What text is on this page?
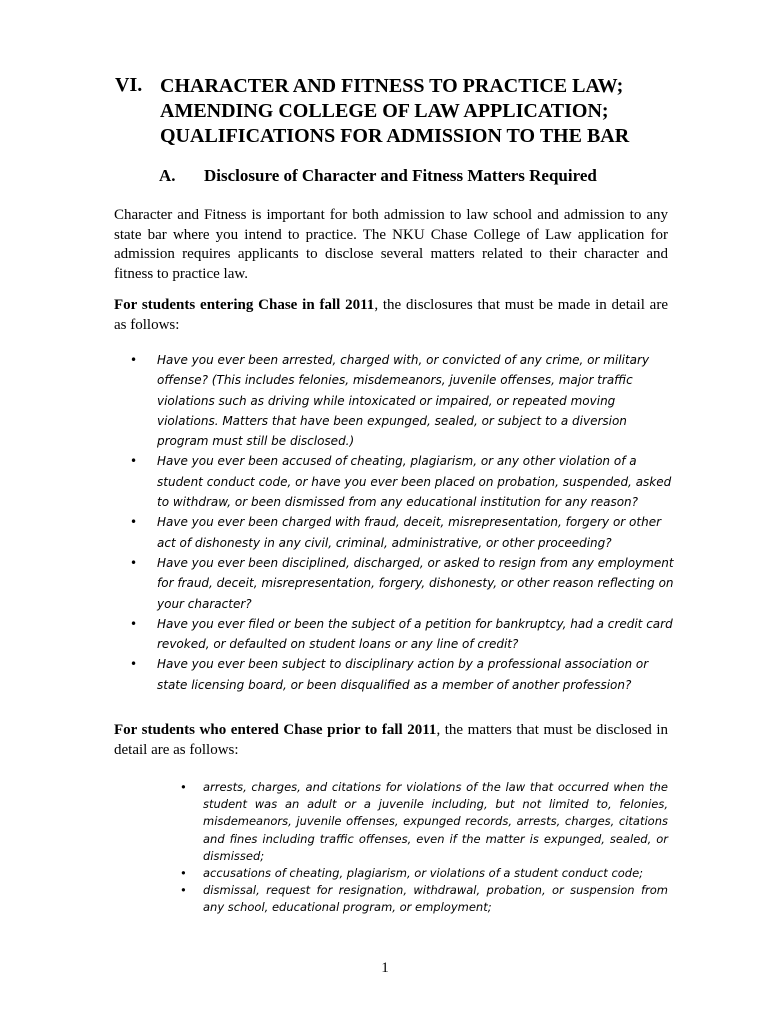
VI. CHARACTER AND FITNESS TO PRACTICE LAW;
AMENDING COLLEGE OF LAW APPLICATION;
QUALIFICATIONS FOR ADMISSION TO THE BAR
A. Disclosure of Character and Fitness Matters Required

Character and Fitness is important for both admission to law school and admission to any state bar where you intend to practice. The NKU Chase College of Law application for admission requires applicants to disclose several matters related to their character and fitness to practice law.

For students entering Chase in fall 2011, the disclosures that must be made in detail are as follows:

• Have you ever been arrested, charged with, or convicted of any crime, or military offense? (This includes felonies, misdemeanors, juvenile offenses, major traffic violations such as driving while intoxicated or impaired, or repeated moving violations. Matters that have been expunged, sealed, or subject to a diversion program must still be disclosed.)
• Have you ever been accused of cheating, plagiarism, or any other violation of a student conduct code, or have you ever been placed on probation, suspended, asked to withdraw, or been dismissed from any educational institution for any reason?
• Have you ever been charged with fraud, deceit, misrepresentation, forgery or other act of dishonesty in any civil, criminal, administrative, or other proceeding?
• Have you ever been disciplined, discharged, or asked to resign from any employment for fraud, deceit, misrepresentation, forgery, dishonesty, or other reason reflecting on your character?
• Have you ever filed or been the subject of a petition for bankruptcy, had a credit card revoked, or defaulted on student loans or any line of credit?
• Have you ever been subject to disciplinary action by a professional association or state licensing board, or been disqualified as a member of another profession?

For students who entered Chase prior to fall 2011, the matters that must be disclosed in detail are as follows:

• arrests, charges, and citations for violations of the law that occurred when the student was an adult or a juvenile including, but not limited to, felonies, misdemeanors, juvenile offenses, expunged records, arrests, charges, citations and fines including traffic offenses, even if the matter is expunged, sealed, or dismissed;
• accusations of cheating, plagiarism, or violations of a student conduct code;
• dismissal, request for resignation, withdrawal, probation, or suspension from any school, educational program, or employment;
1
